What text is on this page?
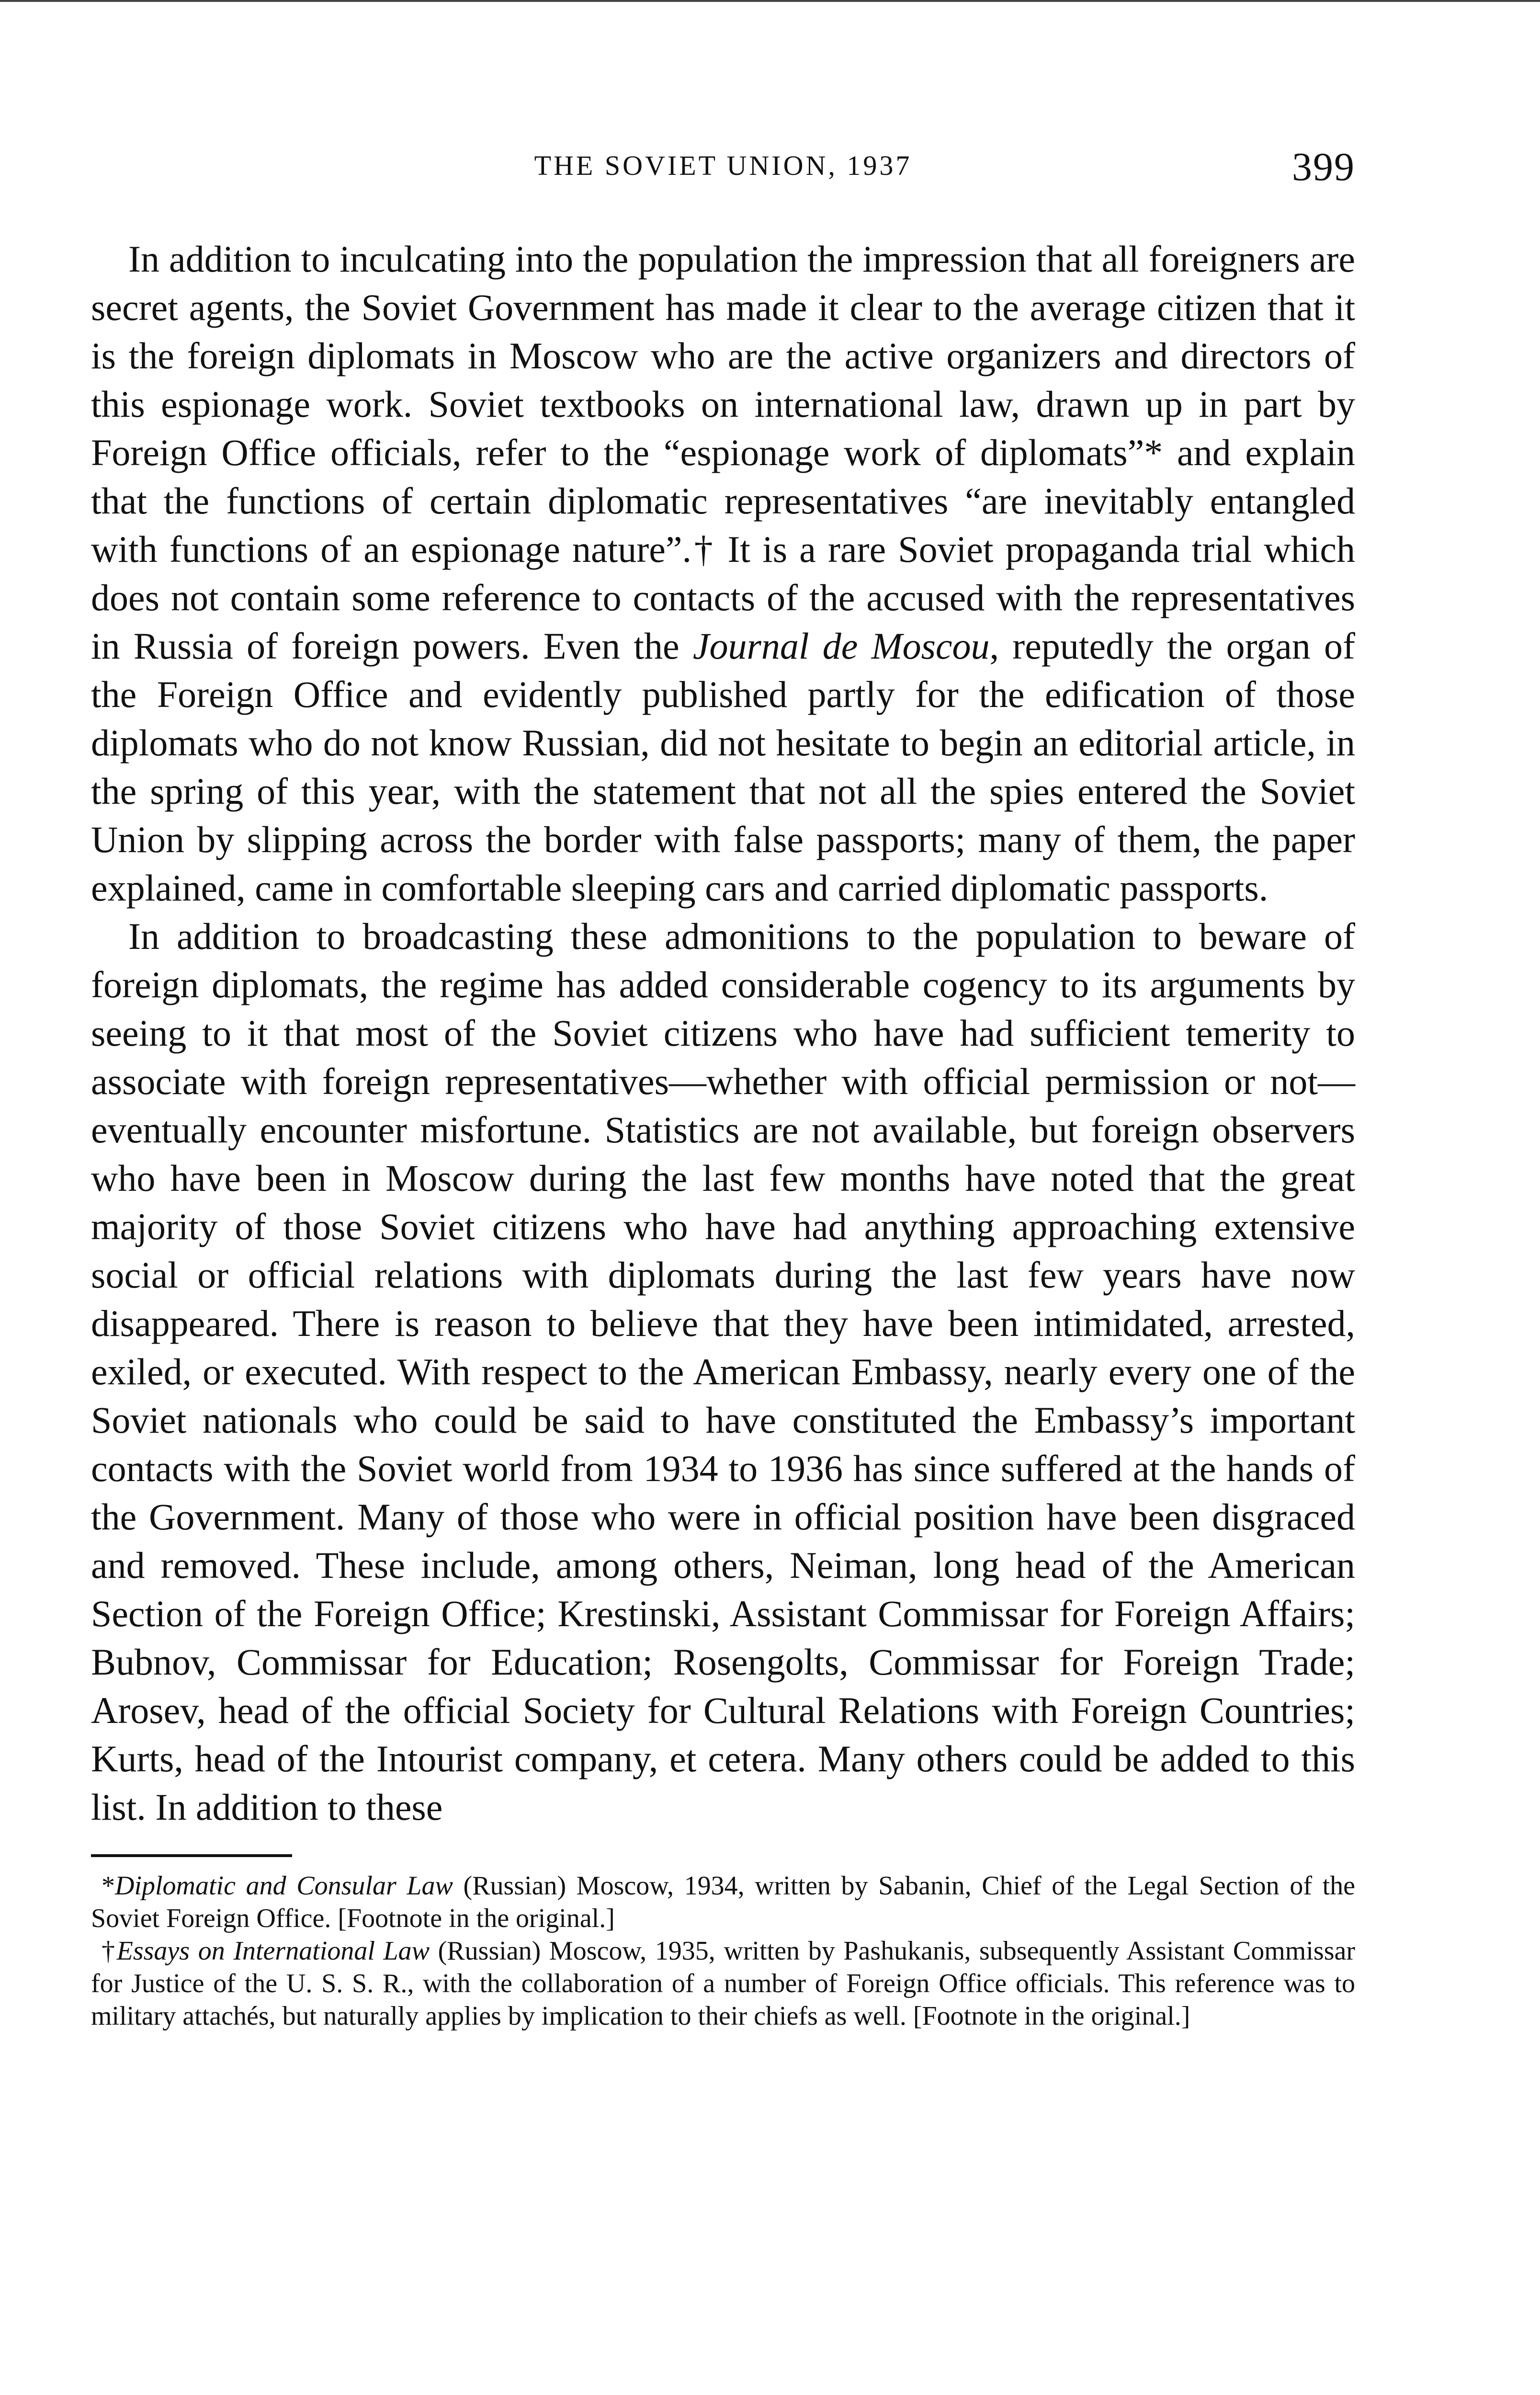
THE SOVIET UNION, 1937	399

In addition to inculcating into the population the impression that all foreigners are secret agents, the Soviet Government has made it clear to the average citizen that it is the foreign diplomats in Moscow who are the active organizers and directors of this espionage work. Soviet textbooks on international law, drawn up in part by Foreign Office officials, refer to the “espionage work of diplomats”* and explain that the functions of certain diplomatic representatives “are inevitably entangled with functions of an espionage nature”.† It is a rare Soviet propaganda trial which does not contain some reference to contacts of the accused with the representatives in Russia of foreign powers. Even the Journal de Moscou, reputedly the organ of the Foreign Office and evidently published partly for the edification of those diplomats who do not know Russian, did not hesitate to begin an editorial article, in the spring of this year, with the statement that not all the spies entered the Soviet Union by slipping across the border with false passports; many of them, the paper explained, came in comfortable sleeping cars and carried diplomatic passports.

In addition to broadcasting these admonitions to the population to beware of foreign diplomats, the regime has added considerable cogency to its arguments by seeing to it that most of the Soviet citizens who have had sufficient temerity to associate with foreign representatives—whether with official permission or not—eventually encounter misfortune. Statistics are not available, but foreign observers who have been in Moscow during the last few months have noted that the great majority of those Soviet citizens who have had anything approaching extensive social or official relations with diplomats during the last few years have now disappeared. There is reason to believe that they have been intimidated, arrested, exiled, or executed. With respect to the American Embassy, nearly every one of the Soviet nationals who could be said to have constituted the Embassy’s important contacts with the Soviet world from 1934 to 1936 has since suffered at the hands of the Government. Many of those who were in official position have been disgraced and removed. These include, among others, Neiman, long head of the American Section of the Foreign Office; Krestinski, Assistant Commissar for Foreign Affairs; Bubnov, Commissar for Education; Rosengolts, Commissar for Foreign Trade; Arosev, head of the official Society for Cultural Relations with Foreign Countries; Kurts, head of the Intourist company, et cetera. Many others could be added to this list. In addition to these

*Diplomatic and Consular Law (Russian) Moscow, 1934, written by Sabanin, Chief of the Legal Section of the Soviet Foreign Office. [Footnote in the original.]

†Essays on International Law (Russian) Moscow, 1935, written by Pashukanis, subsequently Assistant Commissar for Justice of the U. S. S. R., with the collaboration of a number of Foreign Office officials. This reference was to military attachés, but naturally applies by implication to their chiefs as well. [Footnote in the original.]
